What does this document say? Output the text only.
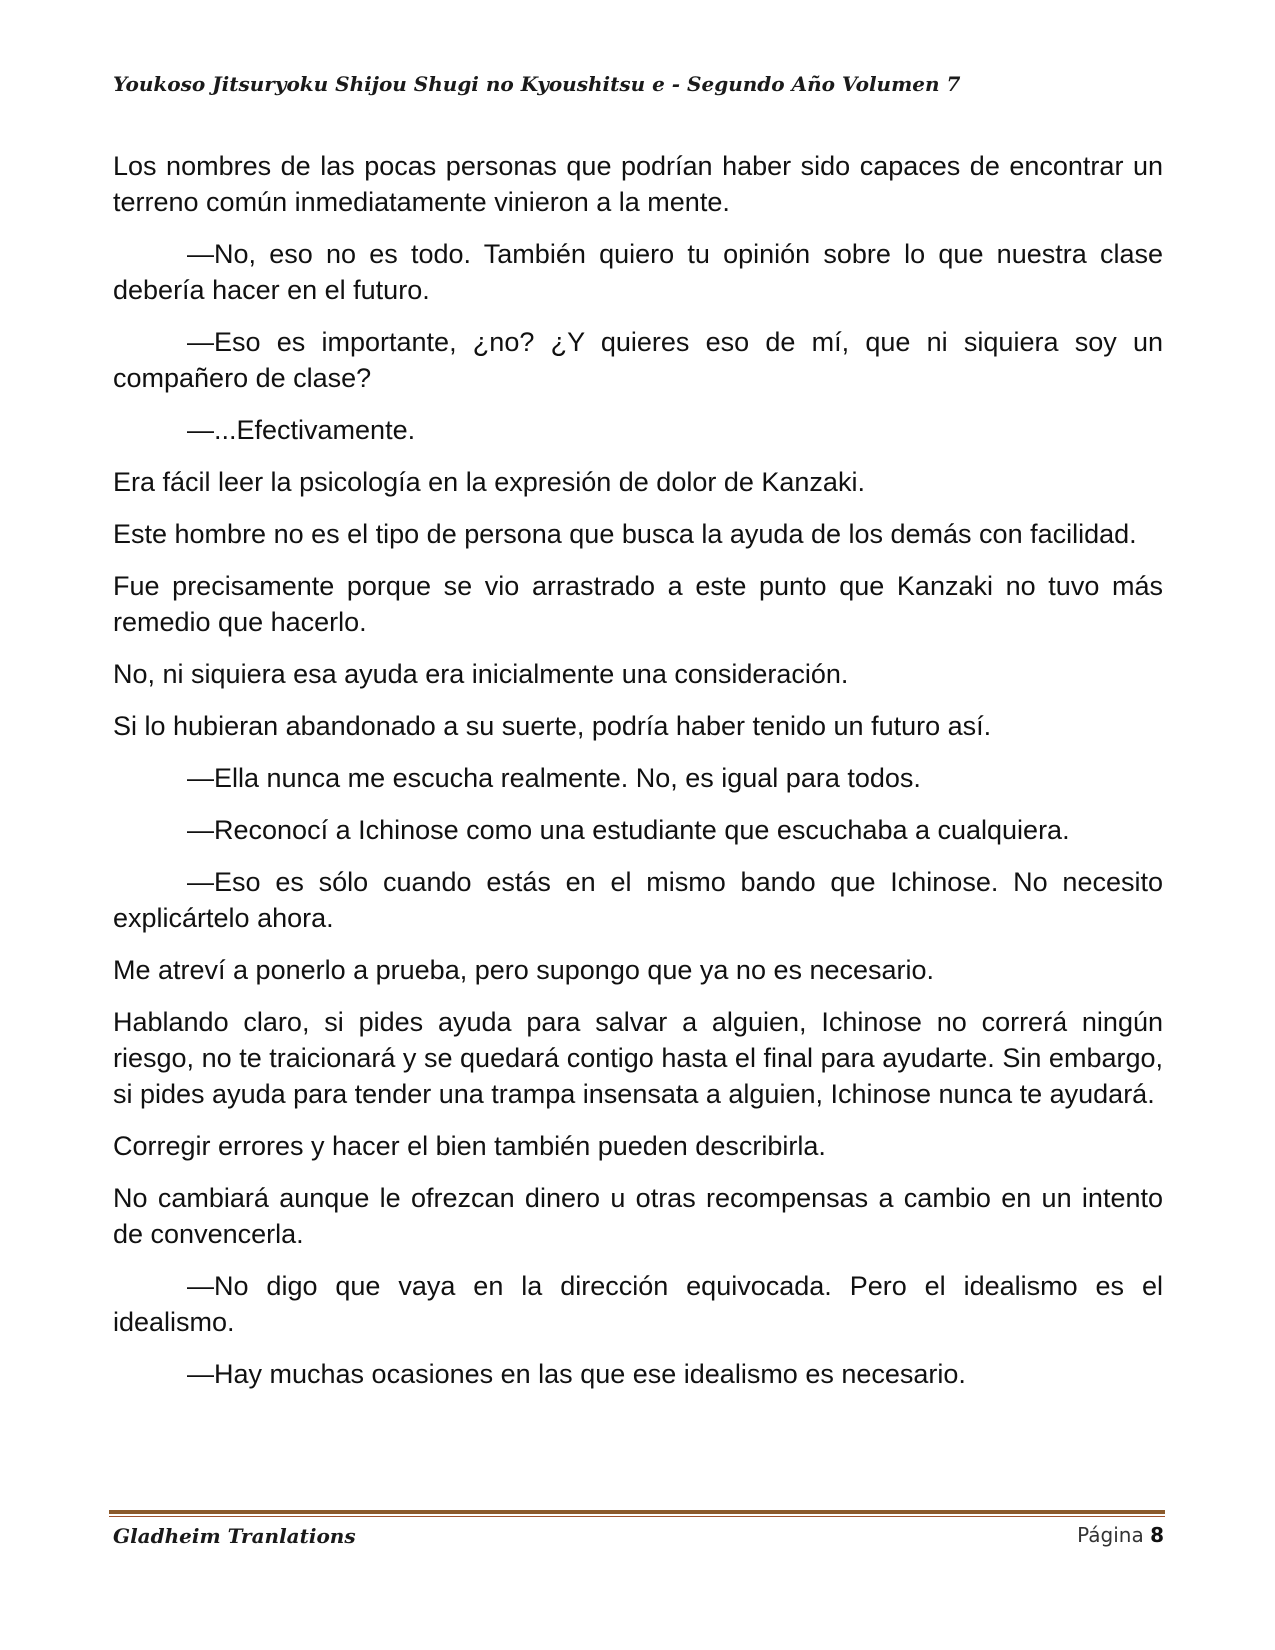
Youkoso Jitsuryoku Shijou Shugi no Kyoushitsu e - Segundo Año Volumen 7

Los nombres de las pocas personas que podrían haber sido capaces de encontrar un terreno común inmediatamente vinieron a la mente.

—No, eso no es todo. También quiero tu opinión sobre lo que nuestra clase debería hacer en el futuro.

—Eso es importante, ¿no? ¿Y quieres eso de mí, que ni siquiera soy un compañero de clase?

—...Efectivamente.

Era fácil leer la psicología en la expresión de dolor de Kanzaki.

Este hombre no es el tipo de persona que busca la ayuda de los demás con facilidad.

Fue precisamente porque se vio arrastrado a este punto que Kanzaki no tuvo más remedio que hacerlo.

No, ni siquiera esa ayuda era inicialmente una consideración.

Si lo hubieran abandonado a su suerte, podría haber tenido un futuro así.

—Ella nunca me escucha realmente. No, es igual para todos.

—Reconocí a Ichinose como una estudiante que escuchaba a cualquiera.

—Eso es sólo cuando estás en el mismo bando que Ichinose. No necesito explicártelo ahora.

Me atreví a ponerlo a prueba, pero supongo que ya no es necesario.

Hablando claro, si pides ayuda para salvar a alguien, Ichinose no correrá ningún riesgo, no te traicionará y se quedará contigo hasta el final para ayudarte. Sin embargo, si pides ayuda para tender una trampa insensata a alguien, Ichinose nunca te ayudará.

Corregir errores y hacer el bien también pueden describirla.

No cambiará aunque le ofrezcan dinero u otras recompensas a cambio en un intento de convencerla.

—No digo que vaya en la dirección equivocada. Pero el idealismo es el idealismo.

—Hay muchas ocasiones en las que ese idealismo es necesario.

Gladheim Tranlations	Página 8
